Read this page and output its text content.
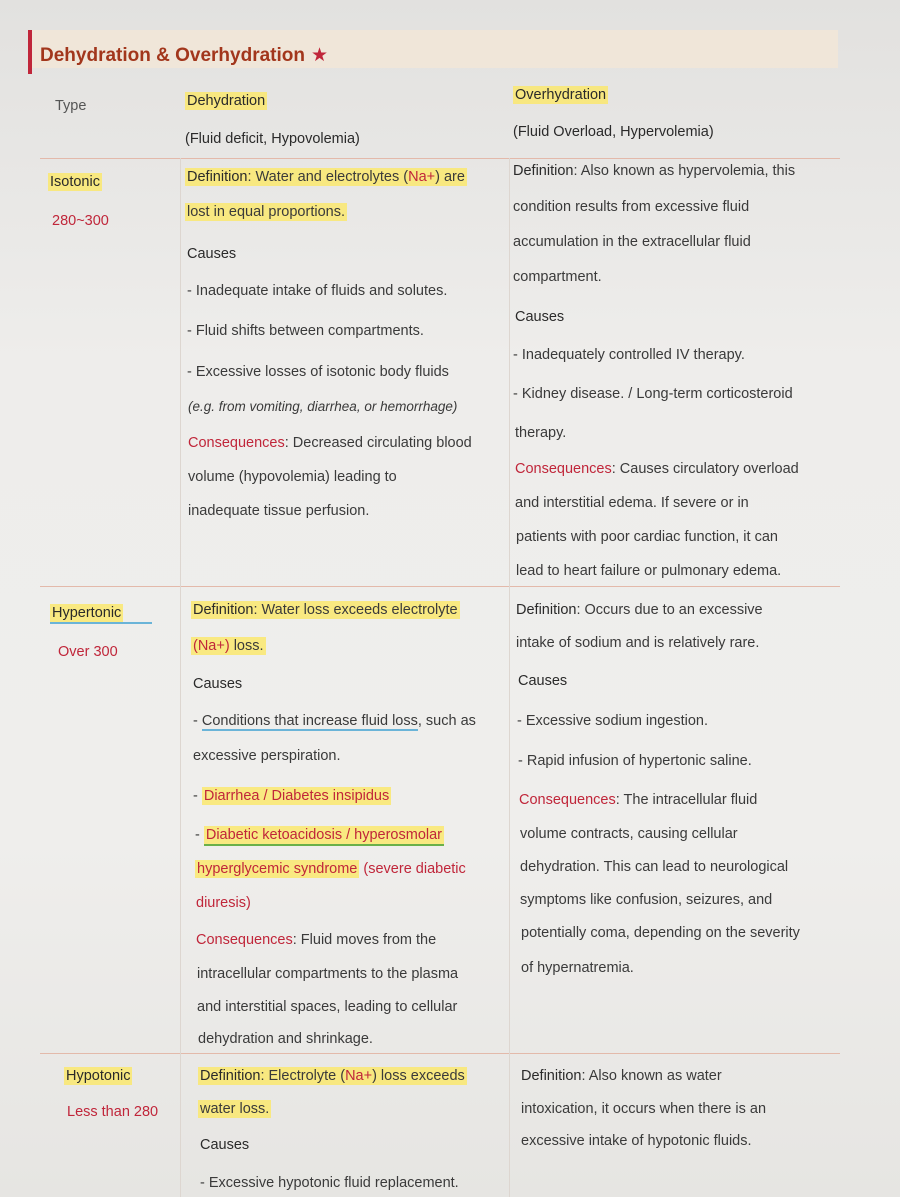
Dehydration & Overhydration ★
Type	Dehydration
(Fluid deficit, Hypovolemia)
Overhydration
(Fluid Overload, Hypervolemia)
Isotonic
280~300
Definition: Water and electrolytes (Na+) are
lost in equal proportions.
Causes
- Inadequate intake of fluids and solutes.
- Fluid shifts between compartments.
- Excessive losses of isotonic body fluids
(e.g. from vomiting, diarrhea, or hemorrhage)
Consequences: Decreased circulating blood
volume (hypovolemia) leading to
inadequate tissue perfusion.
Definition: Also known as hypervolemia, this
condition results from excessive fluid
accumulation in the extracellular fluid
compartment.
Causes
- Inadequately controlled IV therapy.
- Kidney disease. / Long-term corticosteroid
therapy.
Consequences: Causes circulatory overload
and interstitial edema. If severe or in
patients with poor cardiac function, it can
lead to heart failure or pulmonary edema.
Hypertonic
Over 300
Definition: Water loss exceeds electrolyte
(Na+) loss.
Causes
- Conditions that increase fluid loss, such as
excessive perspiration.
- Diarrhea / Diabetes insipidus
- Diabetic ketoacidosis / hyperosmolar
hyperglycemic syndrome (severe diabetic
diuresis)
Consequences: Fluid moves from the
intracellular compartments to the plasma
and interstitial spaces, leading to cellular
dehydration and shrinkage.
Definition: Occurs due to an excessive
intake of sodium and is relatively rare.
Causes
- Excessive sodium ingestion.
- Rapid infusion of hypertonic saline.
Consequences: The intracellular fluid
volume contracts, causing cellular
dehydration. This can lead to neurological
symptoms like confusion, seizures, and
potentially coma, depending on the severity
of hypernatremia.
Hypotonic
Less than 280
Definition: Electrolyte (Na+) loss exceeds
water loss.
Causes
- Excessive hypotonic fluid replacement.
Definition: Also known as water
intoxication, it occurs when there is an
excessive intake of hypotonic fluids.
